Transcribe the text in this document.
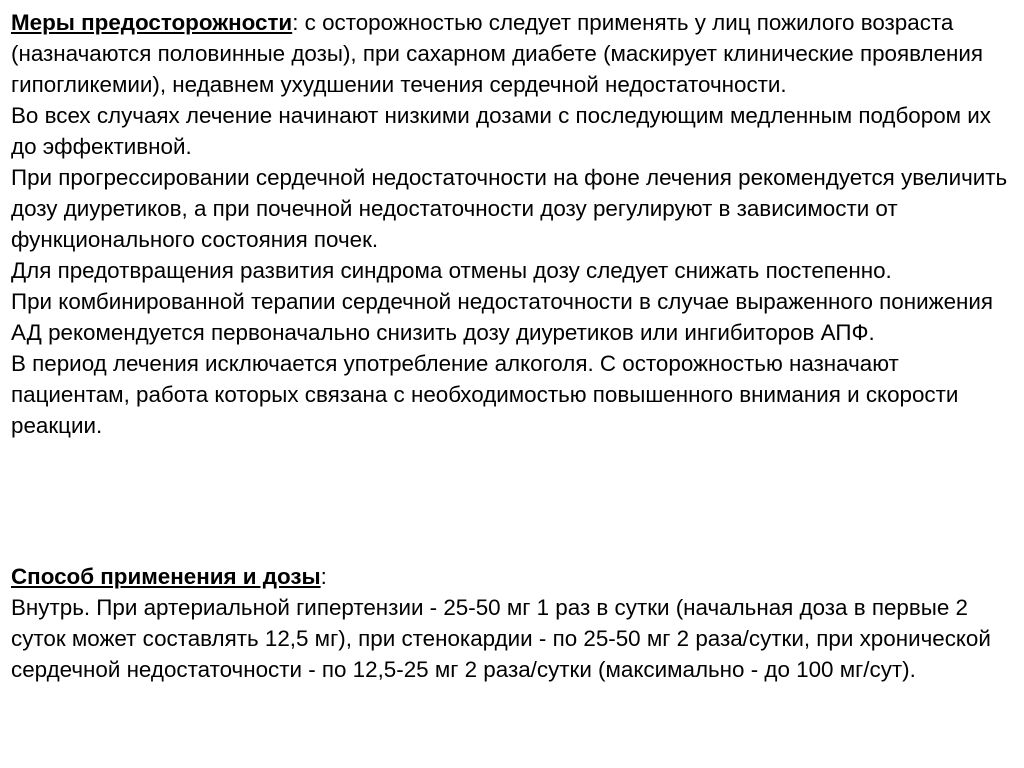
Меры предосторожности: с осторожностью следует применять у лиц пожилого возраста (назначаются половинные дозы), при сахарном диабете (маскирует клинические проявления гипогликемии), недавнем ухудшении течения сердечной недостаточности.

Во всех случаях лечение начинают низкими дозами с последующим медленным подбором их до эффективной.

При прогрессировании сердечной недостаточности на фоне лечения рекомендуется увеличить дозу диуретиков, а при почечной недостаточности дозу регулируют в зависимости от функционального состояния почек.

Для предотвращения развития синдрома отмены дозу следует снижать постепенно.

При комбинированной терапии сердечной недостаточности в случае выраженного понижения АД рекомендуется первоначально снизить дозу диуретиков или ингибиторов АПФ.

В период лечения исключается употребление алкоголя. С осторожностью назначают пациентам, работа которых связана с необходимостью повышенного внимания и скорости реакции.

Способ применения и дозы:

Внутрь. При артериальной гипертензии - 25-50 мг 1 раз в сутки (начальная доза в первые 2 суток может составлять 12,5 мг), при стенокардии - по 25-50 мг 2 раза/сутки, при хронической сердечной недостаточности - по 12,5-25 мг 2 раза/сутки (максимально - до 100 мг/сут).
